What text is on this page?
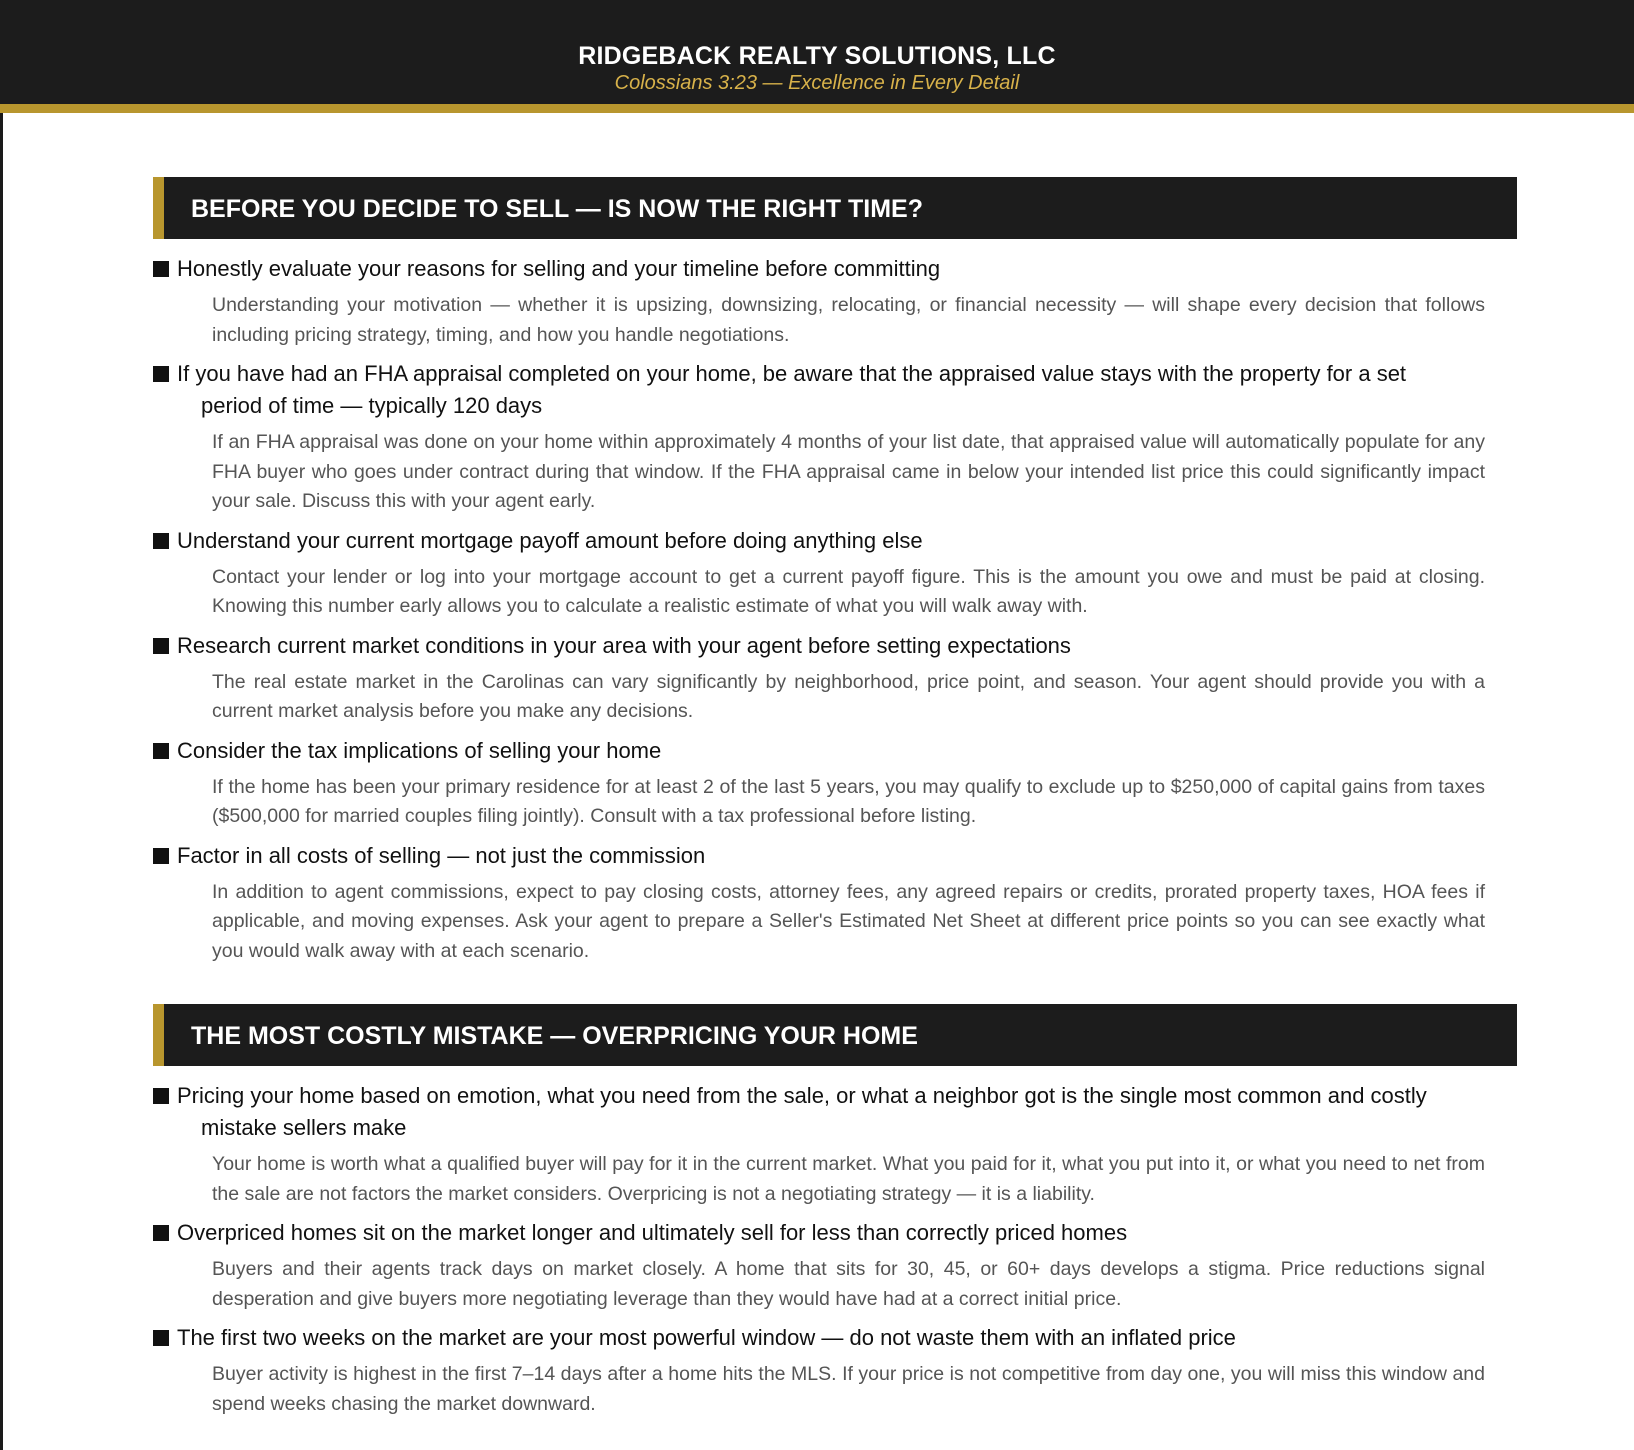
RIDGEBACK REALTY SOLUTIONS, LLC
Colossians 3:23 — Excellence in Every Detail
BEFORE YOU DECIDE TO SELL — IS NOW THE RIGHT TIME?
Honestly evaluate your reasons for selling and your timeline before committing
Understanding your motivation — whether it is upsizing, downsizing, relocating, or financial necessity — will shape every decision that follows including pricing strategy, timing, and how you handle negotiations.
If you have had an FHA appraisal completed on your home, be aware that the appraised value stays with the property for a set
period of time — typically 120 days
If an FHA appraisal was done on your home within approximately 4 months of your list date, that appraised value will automatically populate for any FHA buyer who goes under contract during that window. If the FHA appraisal came in below your intended list price this could significantly impact your sale. Discuss this with your agent early.
Understand your current mortgage payoff amount before doing anything else
Contact your lender or log into your mortgage account to get a current payoff figure. This is the amount you owe and must be paid at closing. Knowing this number early allows you to calculate a realistic estimate of what you will walk away with.
Research current market conditions in your area with your agent before setting expectations
The real estate market in the Carolinas can vary significantly by neighborhood, price point, and season. Your agent should provide you with a current market analysis before you make any decisions.
Consider the tax implications of selling your home
If the home has been your primary residence for at least 2 of the last 5 years, you may qualify to exclude up to $250,000 of capital gains from taxes ($500,000 for married couples filing jointly). Consult with a tax professional before listing.
Factor in all costs of selling — not just the commission
In addition to agent commissions, expect to pay closing costs, attorney fees, any agreed repairs or credits, prorated property taxes, HOA fees if applicable, and moving expenses. Ask your agent to prepare a Seller's Estimated Net Sheet at different price points so you can see exactly what you would walk away with at each scenario.
THE MOST COSTLY MISTAKE — OVERPRICING YOUR HOME
Pricing your home based on emotion, what you need from the sale, or what a neighbor got is the single most common and costly
mistake sellers make
Your home is worth what a qualified buyer will pay for it in the current market. What you paid for it, what you put into it, or what you need to net from the sale are not factors the market considers. Overpricing is not a negotiating strategy — it is a liability.
Overpriced homes sit on the market longer and ultimately sell for less than correctly priced homes
Buyers and their agents track days on market closely. A home that sits for 30, 45, or 60+ days develops a stigma. Price reductions signal desperation and give buyers more negotiating leverage than they would have had at a correct initial price.
The first two weeks on the market are your most powerful window — do not waste them with an inflated price
Buyer activity is highest in the first 7–14 days after a home hits the MLS. If your price is not competitive from day one, you will miss this window and spend weeks chasing the market downward.
